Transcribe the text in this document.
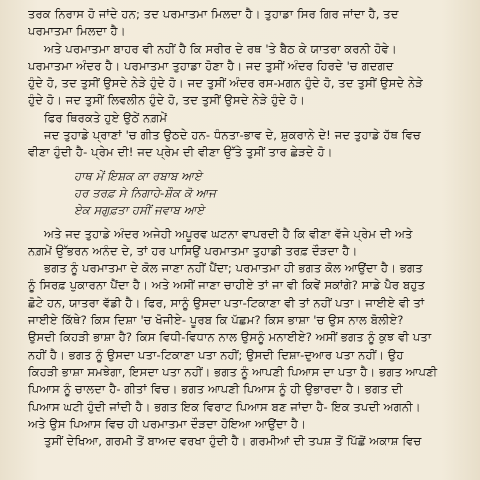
ਤਰਕ ਨਿਰਾਸ ਹੋ ਜਾਂਦੇ ਹਨ; ਤਦ ਪਰਮਾਤਮਾ ਮਿਲਦਾ ਹੈ। ਤੁਹਾਡਾ ਸਿਰ ਗਿਰ ਜਾਂਦਾ ਹੈ, ਤਦ
ਪਰਮਾਤਮਾ ਮਿਲਦਾ ਹੈ।
ਅਤੇ ਪਰਮਾਤਮਾ ਬਾਹਰ ਵੀ ਨਹੀਂ ਹੈ ਕਿ ਸਰੀਰ ਦੇ ਰਥ 'ਤੇ ਬੈਠ ਕੇ ਯਾਤਰਾ ਕਰਨੀ ਹੋਵੇ।
ਪਰਮਾਤਮਾ ਅੰਦਰ ਹੈ। ਪਰਮਾਤਮਾ ਤੁਹਾਡਾ ਹੋਣਾ ਹੈ। ਜਦ ਤੁਸੀਂ ਅੰਦਰ ਹਿਰਦੇ 'ਚ ਗਦਗਦ
ਹੁੰਦੇ ਹੋ, ਤਦ ਤੁਸੀਂ ਉਸਦੇ ਨੇੜੇ ਹੁੰਦੇ ਹੋ। ਜਦ ਤੁਸੀਂ ਅੰਦਰ ਰਸ-ਮਗਨ ਹੁੰਦੇ ਹੋ, ਤਦ ਤੁਸੀਂ ਉਸਦੇ ਨੇੜੇ
ਹੁੰਦੇ ਹੋ। ਜਦ ਤੁਸੀਂ ਲਿਵਲੀਨ ਹੁੰਦੇ ਹੋ, ਤਦ ਤੁਸੀਂ ਉਸਦੇ ਨੇੜੇ ਹੁੰਦੇ ਹੋ।
ਫਿਰ ਥਿਰਕਤੇ ਹੁਏ ਉਠੇਂ ਨਗ਼ਮੇਂ
ਜਦ ਤੁਹਾਡੇ ਪ੍ਰਾਣਾਂ 'ਚ ਗੀਤ ਉਠਦੇ ਹਨ- ਧੰਨਤਾ-ਭਾਵ ਦੇ, ਸ਼ੁਕਰਾਨੇ ਦੇ! ਜਦ ਤੁਹਾਡੇ ਹੱਥ ਵਿਚ
ਵੀਣਾ ਹੁੰਦੀ ਹੈ- ਪ੍ਰੇਮ ਦੀ! ਜਦ ਪ੍ਰੇਮ ਦੀ ਵੀਣਾ ਉੱਤੇ ਤੁਸੀਂ ਤਾਰ ਛੇੜਦੇ ਹੋ।
ਹਾਥ ਮੇਂ ਇਸ਼ਕ ਕਾ ਰਬਾਬ ਆਏ
ਹਰ ਤਰਫ਼ ਸੇ ਨਿਗਾਹੇ-ਸ਼ੌਕ ਕੋ ਆਜ
ਏਕ ਸਗੁਫ਼ਤਾ ਹਸੀਂ ਜਵਾਬ ਆਏ
ਅਤੇ ਜਦ ਤੁਹਾਡੇ ਅੰਦਰ ਅਜੇਹੀ ਅਪੂਰਵ ਘਟਨਾ ਵਾਪਰਦੀ ਹੈ ਕਿ ਵੀਣਾ ਵੱਜੇ ਪ੍ਰੇਮ ਦੀ ਅਤੇ
ਨਗ਼ਮੇਂ ਉੱਭਰਨ ਅਨੰਦ ਦੇ, ਤਾਂ ਹਰ ਪਾਸਿਉਂ ਪਰਮਾਤਮਾ ਤੁਹਾਡੀ ਤਰਫ਼ ਦੌੜਦਾ ਹੈ।
ਭਗਤ ਨੂੰ ਪਰਮਾਤਮਾ ਦੇ ਕੋਲ ਜਾਣਾ ਨਹੀਂ ਪੈਂਦਾ; ਪਰਮਾਤਮਾ ਹੀ ਭਗਤ ਕੋਲ ਆਉਂਦਾ ਹੈ। ਭਗਤ
ਨੂੰ ਸਿਰਫ਼ ਪੁਕਾਰਨਾ ਪੈਂਦਾ ਹੈ। ਅਤੇ ਅਸੀਂ ਜਾਣਾ ਚਾਹੀਏ ਤਾਂ ਜਾ ਵੀ ਕਿਵੇਂ ਸਕਾਂਗੇ? ਸਾਡੇ ਪੈਰ ਬਹੁਤ
ਛੋਟੇ ਹਨ, ਯਾਤਰਾ ਵੱਡੀ ਹੈ। ਫਿਰ, ਸਾਨੂੰ ਉਸਦਾ ਪਤਾ-ਟਿਕਾਣਾ ਵੀ ਤਾਂ ਨਹੀਂ ਪਤਾ। ਜਾਈਏ ਵੀ ਤਾਂ
ਜਾਈਏ ਕਿੱਥੇ? ਕਿਸ ਦਿਸ਼ਾ 'ਚ ਖੋਜੀਏ- ਪੂਰਬ ਕਿ ਪੱਛਮ? ਕਿਸ ਭਾਸ਼ਾ 'ਚ ਉਸ ਨਾਲ ਬੋਲੀਏ?
ਉਸਦੀ ਕਿਹੜੀ ਭਾਸ਼ਾ ਹੈ? ਕਿਸ ਵਿਧੀ-ਵਿਧਾਨ ਨਾਲ ਉਸਨੂੰ ਮਨਾਈਏ? ਅਸੀਂ ਭਗਤ ਨੂੰ ਕੁਝ ਵੀ ਪਤਾ
ਨਹੀਂ ਹੈ। ਭਗਤ ਨੂੰ ਉਸਦਾ ਪਤਾ-ਟਿਕਾਣਾ ਪਤਾ ਨਹੀਂ; ਉਸਦੀ ਦਿਸ਼ਾ-ਦੁਆਰ ਪਤਾ ਨਹੀਂ। ਉਹ
ਕਿਹੜੀ ਭਾਸ਼ਾ ਸਮਝੇਗਾ, ਇਸਦਾ ਪਤਾ ਨਹੀਂ। ਭਗਤ ਨੂੰ ਆਪਣੀ ਪਿਆਸ ਦਾ ਪਤਾ ਹੈ। ਭਗਤ ਆਪਣੀ
ਪਿਆਸ ਨੂੰ ਚਾਲਦਾ ਹੈ- ਗੀਤਾਂ ਵਿਚ। ਭਗਤ ਆਪਣੀ ਪਿਆਸ ਨੂੰ ਹੀ ਉਭਾਰਦਾ ਹੈ। ਭਗਤ ਦੀ
ਪਿਆਸ ਘਟੀ ਹੁੰਦੀ ਜਾਂਦੀ ਹੈ। ਭਗਤ ਇਕ ਵਿਰਾਟ ਪਿਆਸ ਬਣ ਜਾਂਦਾ ਹੈ- ਇਕ ਤਪਦੀ ਅਗਨੀ।
ਅਤੇ ਉਸ ਪਿਆਸ ਵਿਚ ਹੀ ਪਰਮਾਤਮਾ ਦੌੜਦਾ ਹੋਇਆ ਆਉਂਦਾ ਹੈ।
ਤੁਸੀਂ ਦੇਖਿਆ, ਗਰਮੀ ਤੋਂ ਬਾਅਦ ਵਰਖਾ ਹੁੰਦੀ ਹੈ। ਗਰਮੀਆਂ ਦੀ ਤਪਸ਼ ਤੋਂ ਪਿੱਛੋਂ ਅਕਾਸ਼ ਵਿਚ
